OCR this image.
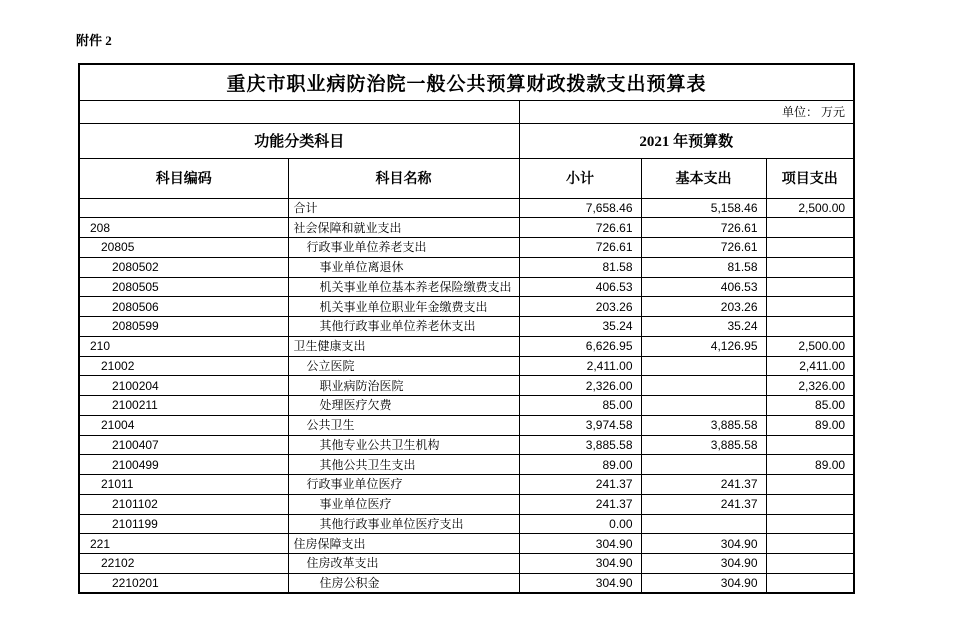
附件 2
重庆市职业病防治院一般公共预算财政拨款支出预算表				
		单位： 万元		
功能分类科目		2021 年预算数		
科目编码	科目名称	小计	基本支出	项目支出
	合计	7,658.46	5,158.46	2,500.00
208	社会保障和就业支出	726.61	726.61	
20805	行政事业单位养老支出	726.61	726.61	
2080502	事业单位离退休	81.58	81.58	
2080505	机关事业单位基本养老保险缴费支出	406.53	406.53	
2080506	机关事业单位职业年金缴费支出	203.26	203.26	
2080599	其他行政事业单位养老休支出	35.24	35.24	
210	卫生健康支出	6,626.95	4,126.95	2,500.00
21002	公立医院	2,411.00		2,411.00
2100204	职业病防治医院	2,326.00		2,326.00
2100211	处理医疗欠费	85.00		85.00
21004	公共卫生	3,974.58	3,885.58	89.00
2100407	其他专业公共卫生机构	3,885.58	3,885.58	
2100499	其他公共卫生支出	89.00		89.00
21011	行政事业单位医疗	241.37	241.37	
2101102	事业单位医疗	241.37	241.37	
2101199	其他行政事业单位医疗支出	0.00		
221	住房保障支出	304.90	304.90	
22102	住房改革支出	304.90	304.90	
2210201	住房公积金	304.90	304.90	
